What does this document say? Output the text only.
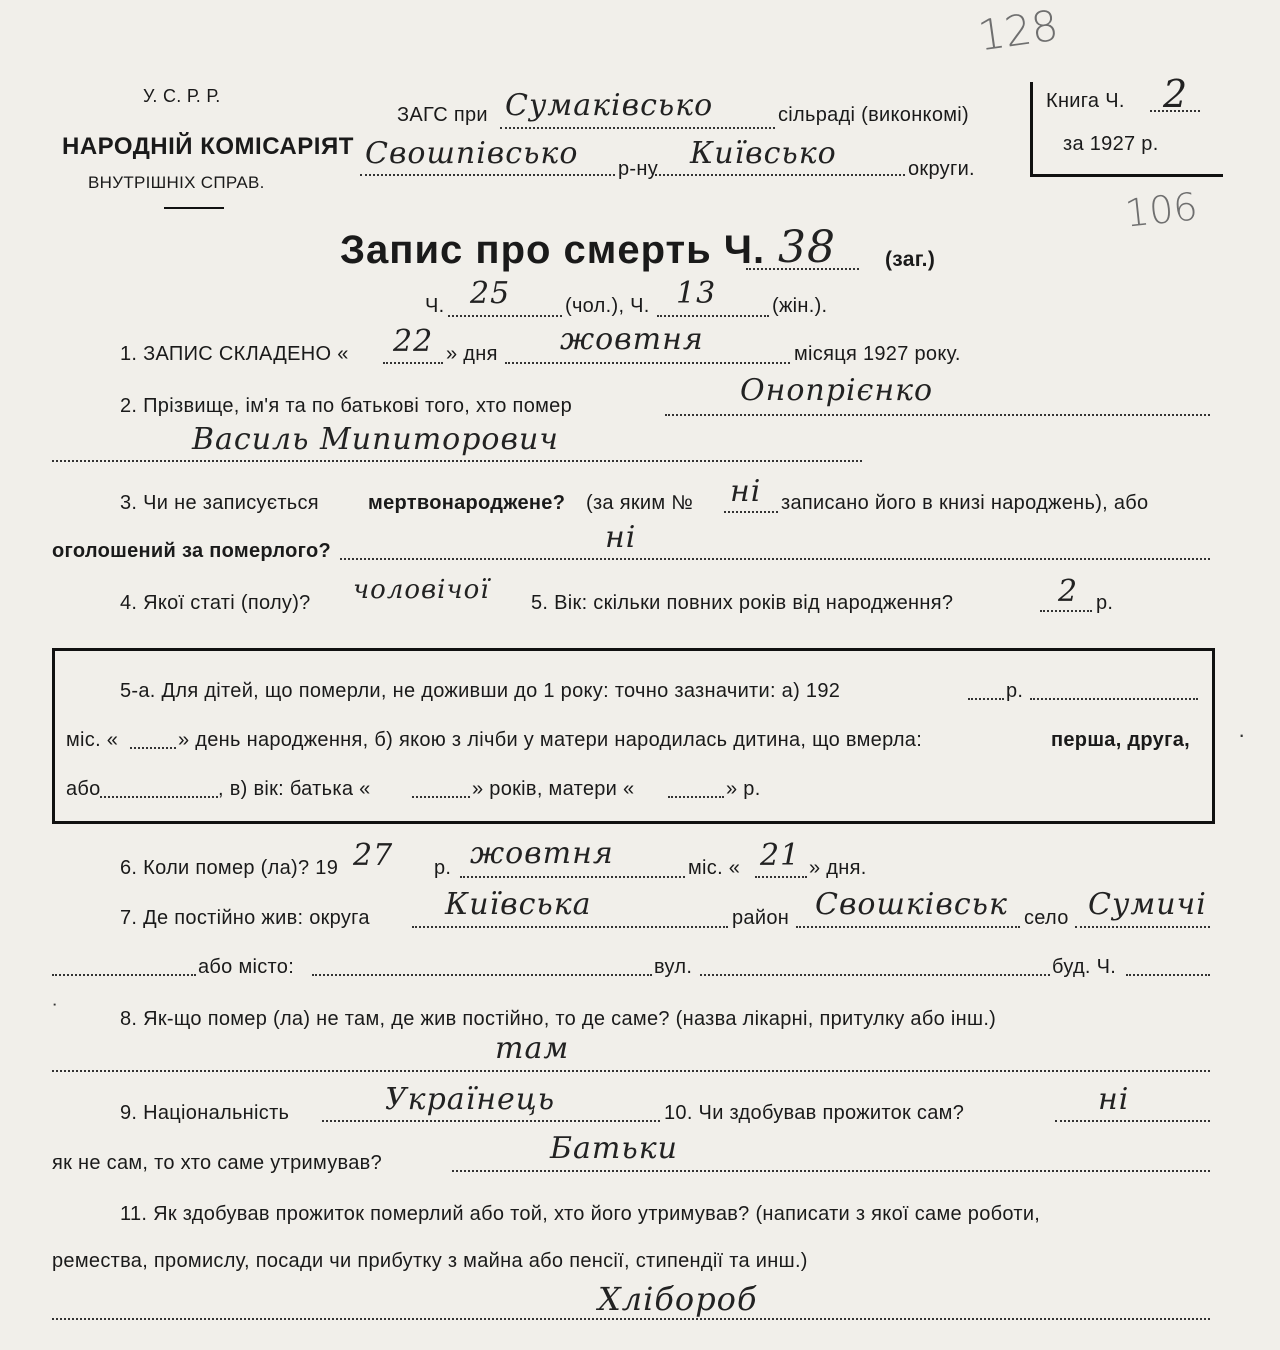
У. С. Р. Р.
НАРОДНІЙ КОМІСАРІЯТ
ВНУТРІШНІХ СПРАВ.
128
106
ЗАГС при Сумаківсько	сільраді (виконкомі)
Свошпівсько р-ну Київсько	округи.
Книга Ч. 2
за 1927 р.
Запис про смерть Ч. 38 (заг.)
Ч. 25	(чол.), Ч. 13	(жін.).
1. ЗАПИС СКЛАДЕНО « 22 » дня жовтня	місяця 1927 року.
2. Прізвище, ім'я та по батькові того, хто помер	Онопрієнко
Василь Мипиторович
3. Чи не записується мертвонароджене? (за яким № ні записано його в книзі народжень), або
оголошений за померлого?	ні
4. Якої статі (полу)? чоловічої 5. Вік: скільки повних років від народження?	2 р.
5-а. Для дітей, що померли, не доживши до 1 року: точно зазначити: а) 192	р.
міс. «	» день народження, б) якою з лічби у матери народилась дитина, що вмерла:	перша, друга,
або	, в) вік: батька «	» років, матери «	» р.
6. Коли помер (ла)? 19 27 р. жовтня	міс. « 21 » дня.
7. Де постійно жив: округа	Київська	район Свошківськ село Сумичі
або місто:	вул.	буд. Ч.
8. Як-що помер (ла) не там, де жив постійно, то де саме? (назва лікарні, притулку або інш.)
там
9. Національність	Українець	10. Чи здобував прожиток сам?	ні
як не сам, то хто саме утримував?	Батьки
11. Як здобував прожиток померлий або той, хто його утримував? (написати з якої саме роботи,
ремества, промислу, посади чи прибутку з майна або пенсії, стипендії та инш.)
Хлібороб
˙
·
